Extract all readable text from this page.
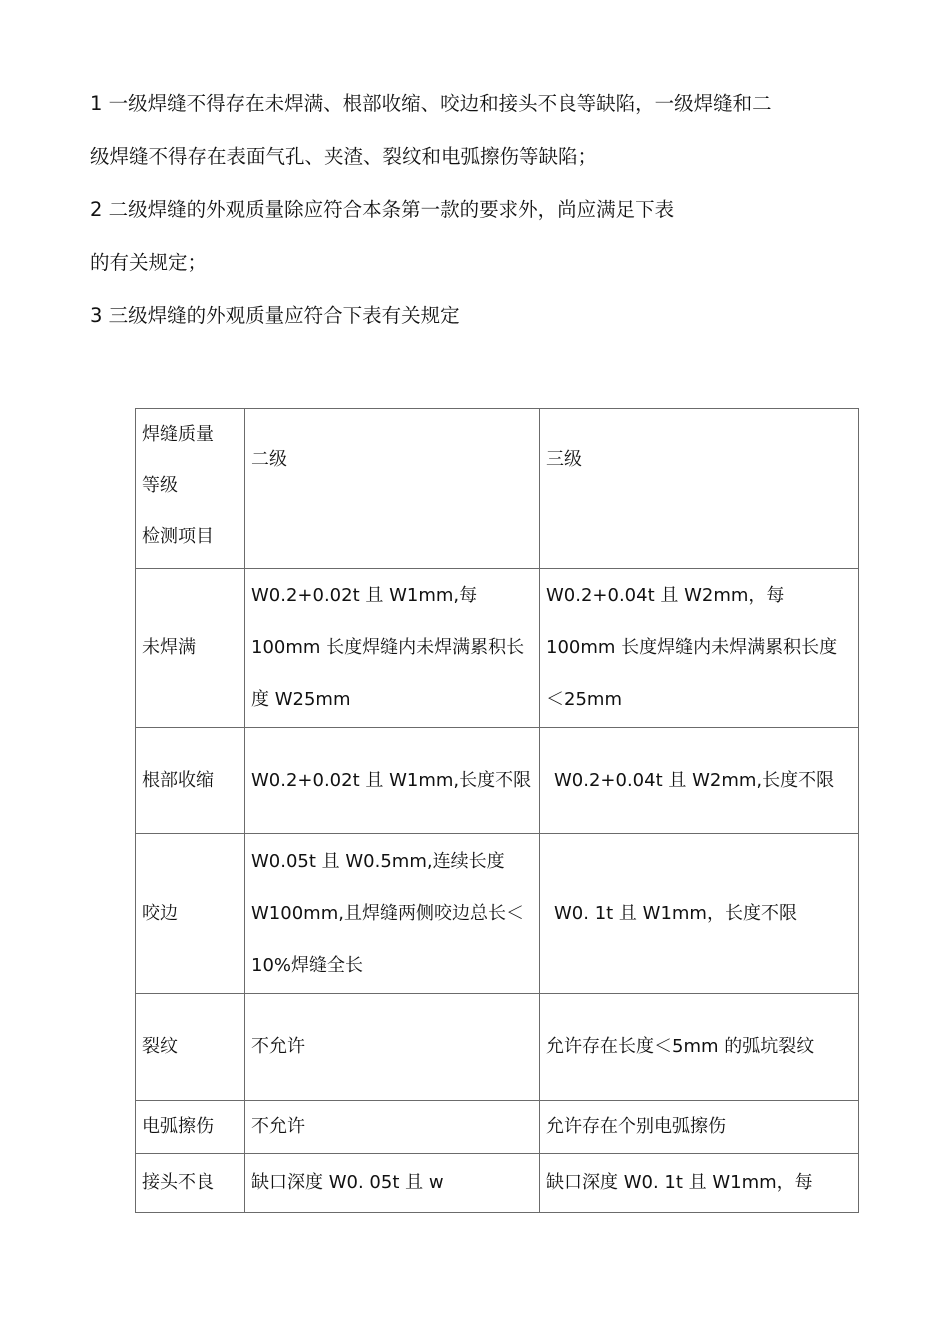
1 一级焊缝不得存在未焊满、根部收缩、咬边和接头不良等缺陷，一级焊缝和二

级焊缝不得存在表面气孔、夹渣、裂纹和电弧擦伤等缺陷；

2 二级焊缝的外观质量除应符合本条第一款的要求外，尚应满足下表

的有关规定；

3 三级焊缝的外观质量应符合下表有关规定

焊缝质量
等级
检测项目	二级	三级
未焊满	W0.2+0.02t 且 W1mm,每100mm 长度焊缝内未焊满累积长度 W25mm	W0.2+0.04t 且 W2mm，每100mm 长度焊缝内未焊满累积长度＜25mm
根部收缩	W0.2+0.02t 且 W1mm,长度不限	W0.2+0.04t 且 W2mm,长度不限
咬边	W0.05t 且 W0.5mm,连续长度 W100mm,且焊缝两侧咬边总长＜10%焊缝全长	W0. 1t 且 W1mm，长度不限
裂纹	不允许	允许存在长度＜5mm 的弧坑裂纹
电弧擦伤	不允许	允许存在个别电弧擦伤
接头不良	缺口深度 W0. 05t 且 w	缺口深度 W0. 1t 且 W1mm，每
